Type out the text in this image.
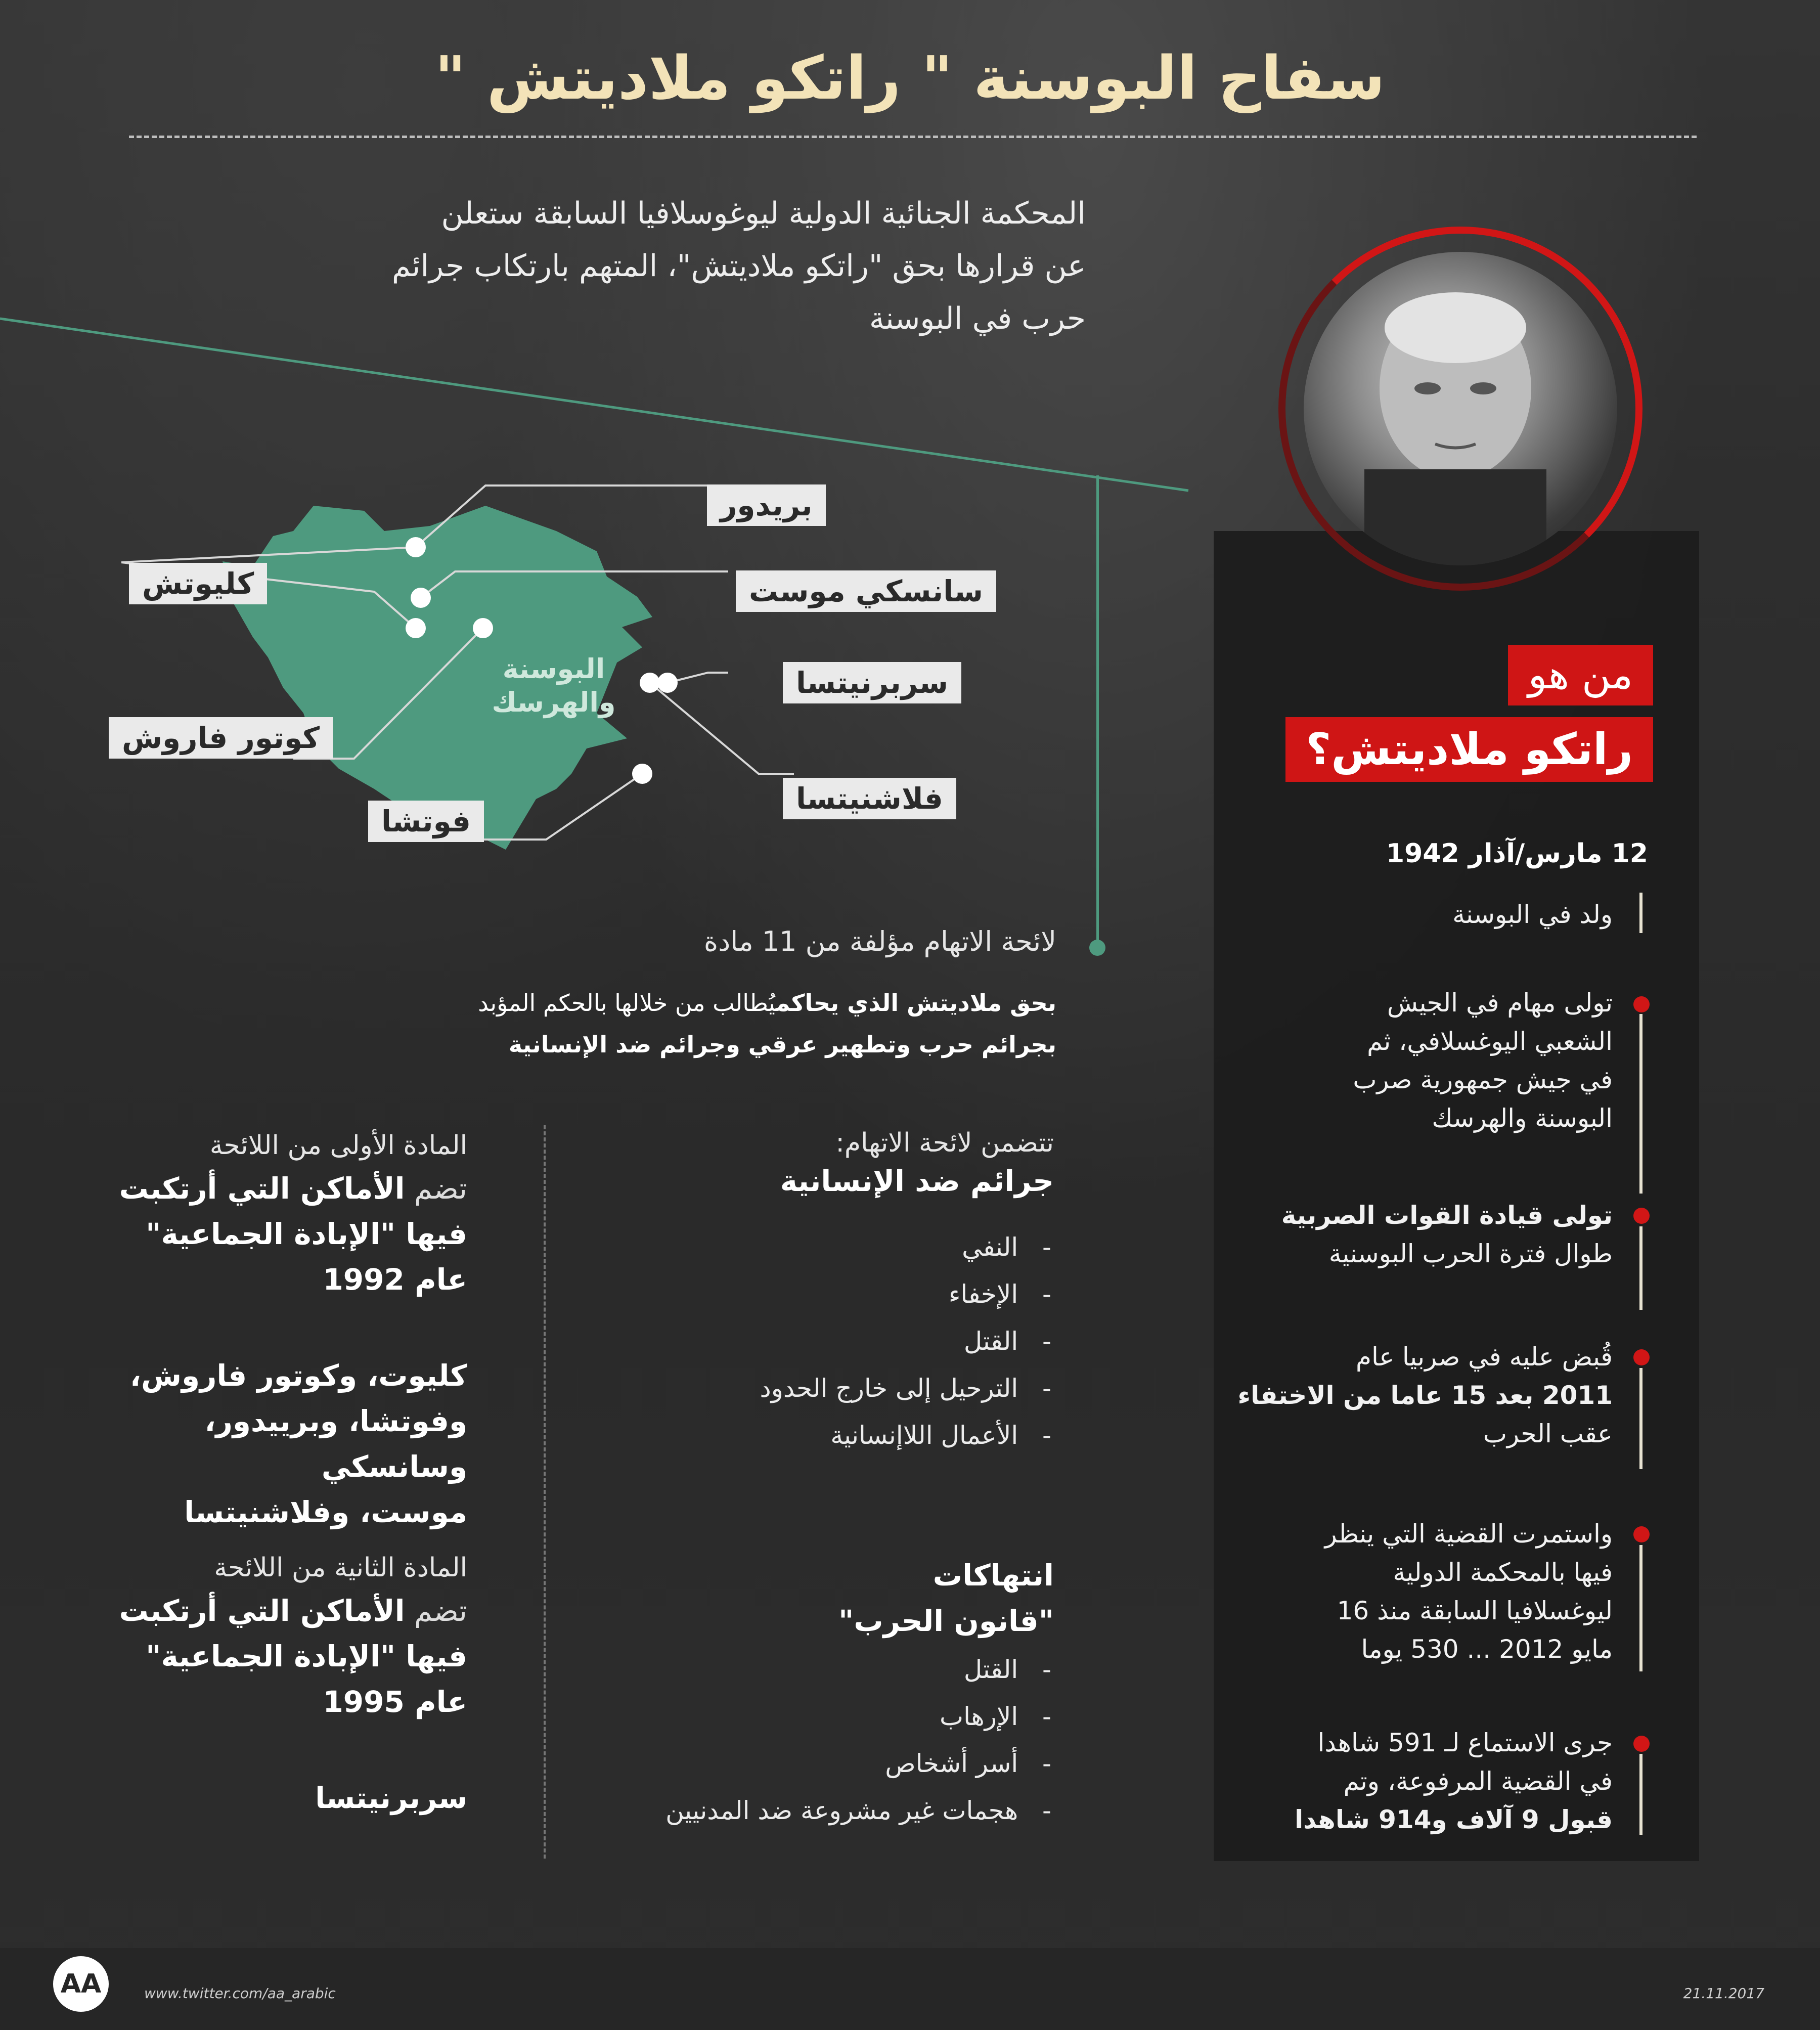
" سفاح البوسنة " راتكو ملاديتش
المحكمة الجنائية الدولية ليوغوسلافيا السابقة ستعلن
عن قرارها بحق "راتكو ملاديتش"، المتهم بارتكاب جرائم
حرب في البوسنة
من هو
راتكو ملاديتش؟
12 مارس/آذار 1942
ولد في البوسنة
تولى مهام في الجيش
الشعبي اليوغسلافي، ثم
في جيش جمهورية صرب
البوسنة والهرسك
تولى قيادة القوات الصربية
طوال فترة الحرب البوسنية
قُبض عليه في صربيا عام
2011 بعد 15 عاما من الاختفاء
عقب الحرب
واستمرت القضية التي ينظر
فيها بالمحكمة الدولية
ليوغسلافيا السابقة منذ 16
مايو 2012 ... 530 يوما
جرى الاستماع لـ 591 شاهدا
في القضية المرفوعة، وتم
قبول 9 آلاف و914 شاهدا
البوسنة والهرسك
بريدور
كليوتش	سانسكي موست
سربرنيتسا
كوتور فاروش
فلاشنيتسا
فوتشا
لائحة الاتهام مؤلفة من 11 مادة
بحق ملاديتش الذي يحاكميُطالب من خلالها بالحكم المؤبد
بجرائم حرب وتطهير عرقي وجرائم ضد الإنسانية
تتضمن لائحة الاتهام:
جرائم ضد الإنسانية
-   النفي
-   الإخفاء
-   القتل
-   الترحيل إلى خارج الحدود
-   الأعمال اللاإنسانية
انتهاكات
"قانون الحرب"
-   القتل
-   الإرهاب
-   أسر أشخاص
-   هجمات غير مشروعة ضد المدنيين
المادة الأولى من اللائحة
تضم الأماكن التي أرتكبت
فيها "الإبادة الجماعية"
عام 1992
كليوت، وكوتور فاروش،
وفوتشا، وبرييدور، وسانسكي
موست، وفلاشنيتسا
المادة الثانية من اللائحة
تضم الأماكن التي أرتكبت
فيها "الإبادة الجماعية"
عام 1995
سربرنيتسا
AA	www.twitter.com/aa_arabic	21.11.2017
